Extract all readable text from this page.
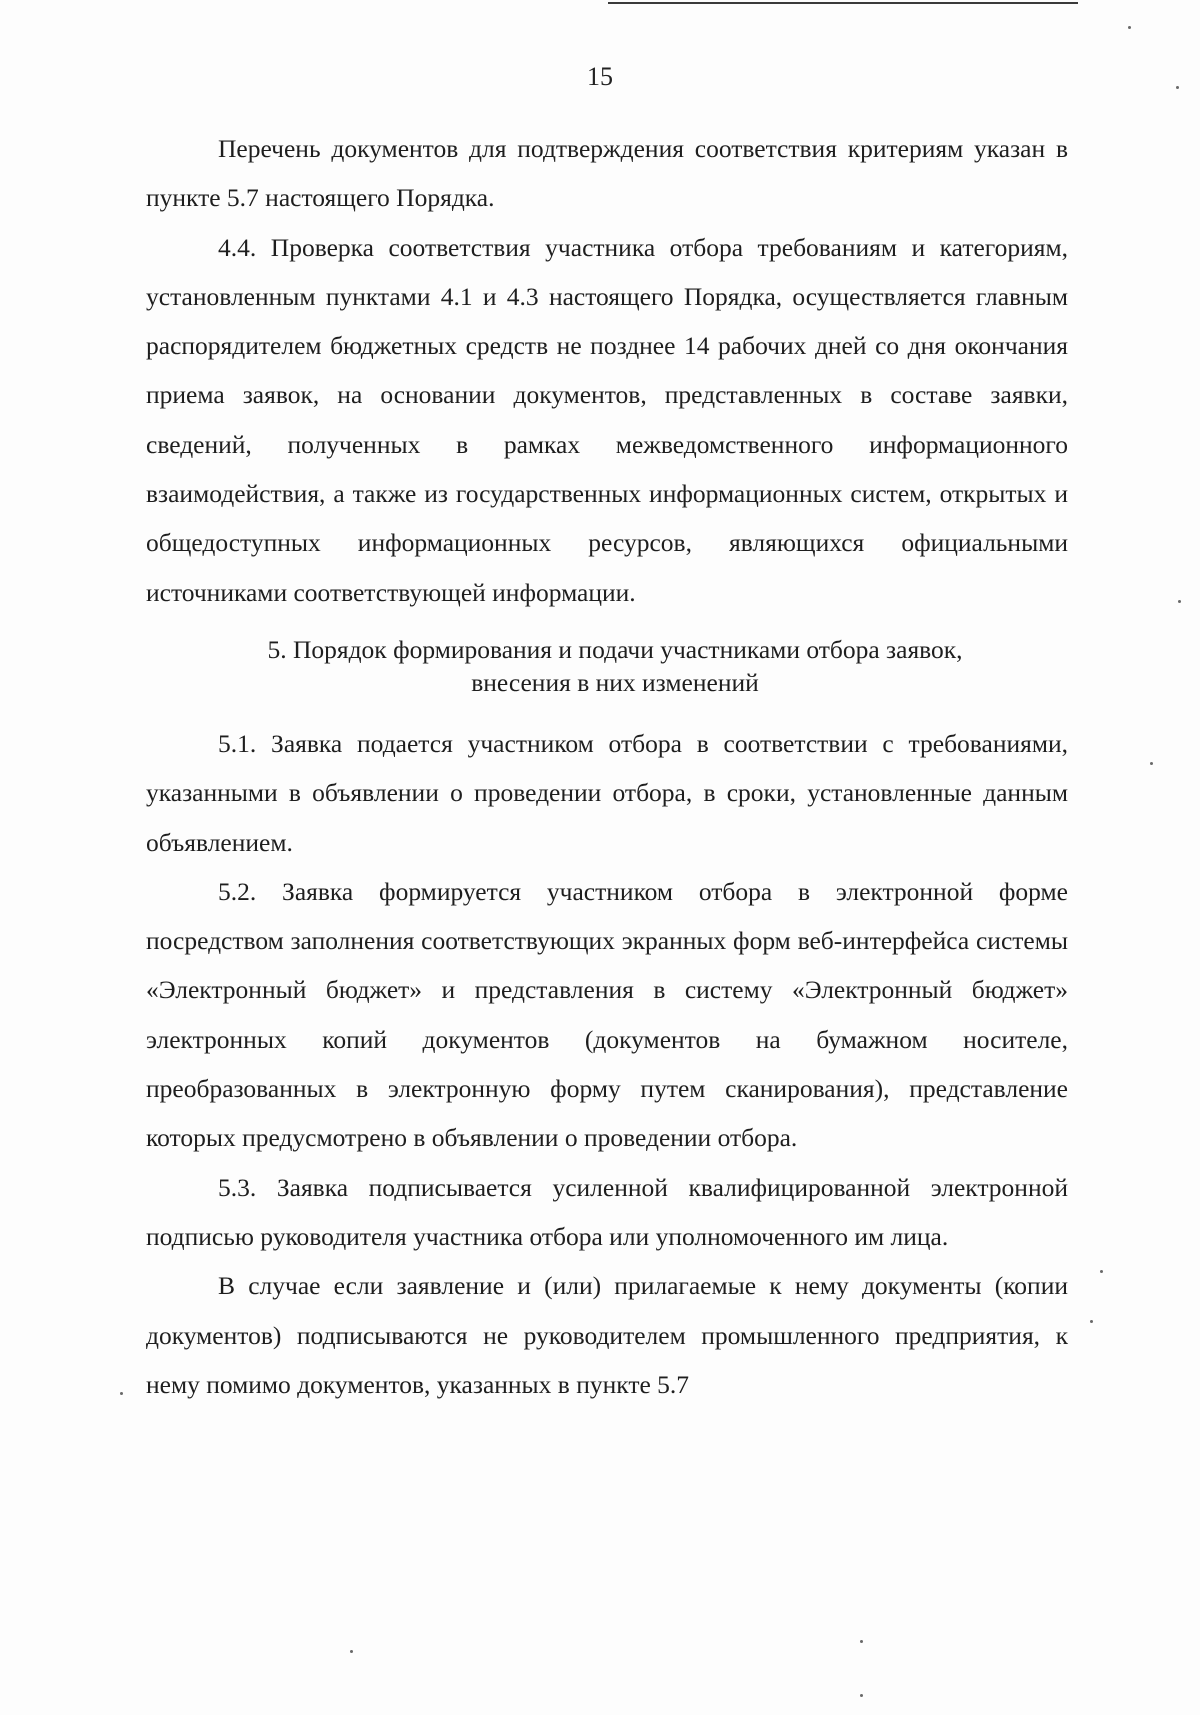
15

Перечень документов для подтверждения соответствия критериям указан в пункте 5.7 настоящего Порядка.

4.4. Проверка соответствия участника отбора требованиям и категориям, установленным пунктами 4.1 и 4.3 настоящего Порядка, осуществляется главным распорядителем бюджетных средств не позднее 14 рабочих дней со дня окончания приема заявок, на основании документов, представленных в составе заявки, сведений, полученных в рамках межведомственного информационного взаимодействия, а также из государственных информационных систем, открытых и общедоступных информационных ресурсов, являющихся официальными источниками соответствующей информации.

5. Порядок формирования и подачи участниками отбора заявок,
внесения в них изменений

5.1. Заявка подается участником отбора в соответствии с требованиями, указанными в объявлении о проведении отбора, в сроки, установленные данным объявлением.

5.2. Заявка формируется участником отбора в электронной форме посредством заполнения соответствующих экранных форм веб-интерфейса системы «Электронный бюджет» и представления в систему «Электронный бюджет» электронных копий документов (документов на бумажном носителе, преобразованных в электронную форму путем сканирования), представление которых предусмотрено в объявлении о проведении отбора.

5.3. Заявка подписывается усиленной квалифицированной электронной подписью руководителя участника отбора или уполномоченного им лица.

В случае если заявление и (или) прилагаемые к нему документы (копии документов) подписываются не руководителем промышленного предприятия, к нему помимо документов, указанных в пункте 5.7
